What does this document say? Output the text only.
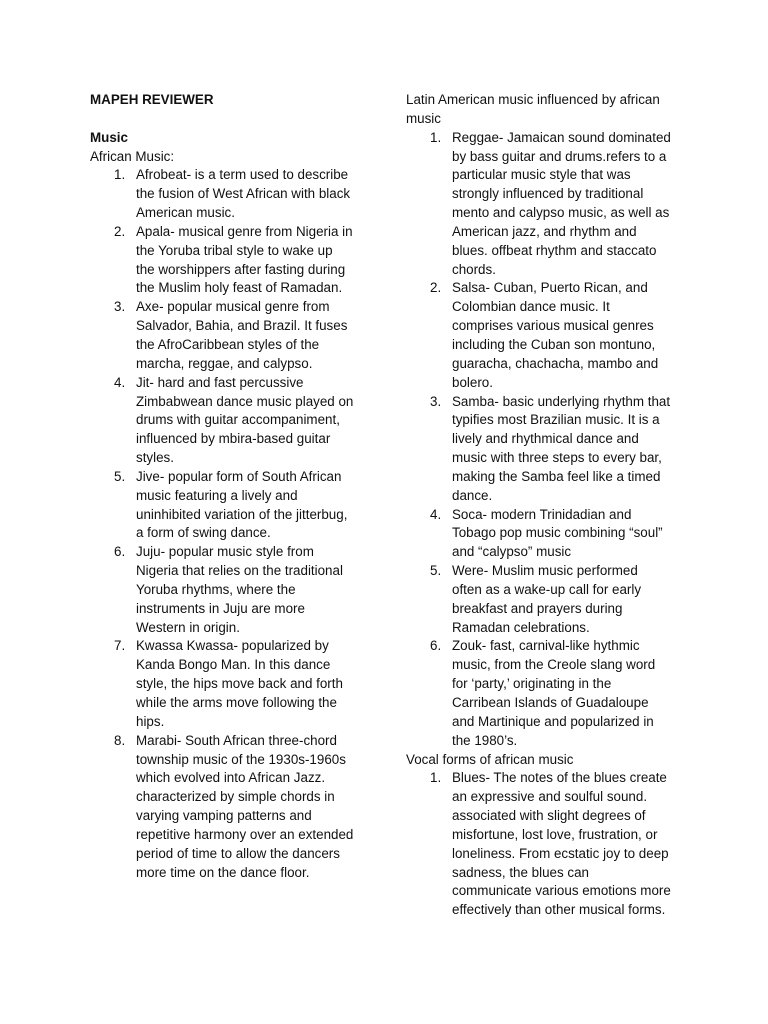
MAPEH REVIEWER
Music
African Music:
1. Afrobeat- is a term used to describe
the fusion of West African with black
American music.
2. Apala- musical genre from Nigeria in
the Yoruba tribal style to wake up
the worshippers after fasting during
the Muslim holy feast of Ramadan.
3. Axe- popular musical genre from
Salvador, Bahia, and Brazil. It fuses
the AfroCaribbean styles of the
marcha, reggae, and calypso.
4. Jit- hard and fast percussive
Zimbabwean dance music played on
drums with guitar accompaniment,
influenced by mbira-based guitar
styles.
5. Jive- popular form of South African
music featuring a lively and
uninhibited variation of the jitterbug,
a form of swing dance.
6. Juju- popular music style from
Nigeria that relies on the traditional
Yoruba rhythms, where the
instruments in Juju are more
Western in origin.
7. Kwassa Kwassa- popularized by
Kanda Bongo Man. In this dance
style, the hips move back and forth
while the arms move following the
hips.
8. Marabi- South African three-chord
township music of the 1930s-1960s
which evolved into African Jazz.
characterized by simple chords in
varying vamping patterns and
repetitive harmony over an extended
period of time to allow the dancers
more time on the dance floor.
Latin American music influenced by african
music
1. Reggae- Jamaican sound dominated
by bass guitar and drums.refers to a
particular music style that was
strongly influenced by traditional
mento and calypso music, as well as
American jazz, and rhythm and
blues. offbeat rhythm and staccato
chords.
2. Salsa- Cuban, Puerto Rican, and
Colombian dance music. It
comprises various musical genres
including the Cuban son montuno,
guaracha, chachacha, mambo and
bolero.
3. Samba- basic underlying rhythm that
typifies most Brazilian music. It is a
lively and rhythmical dance and
music with three steps to every bar,
making the Samba feel like a timed
dance.
4. Soca- modern Trinidadian and
Tobago pop music combining “soul”
and “calypso” music
5. Were- Muslim music performed
often as a wake-up call for early
breakfast and prayers during
Ramadan celebrations.
6. Zouk- fast, carnival-like hythmic
music, from the Creole slang word
for ‘party,’ originating in the
Carribean Islands of Guadaloupe
and Martinique and popularized in
the 1980’s.
Vocal forms of african music
1. Blues- The notes of the blues create
an expressive and soulful sound.
associated with slight degrees of
misfortune, lost love, frustration, or
loneliness. From ecstatic joy to deep
sadness, the blues can
communicate various emotions more
effectively than other musical forms.
